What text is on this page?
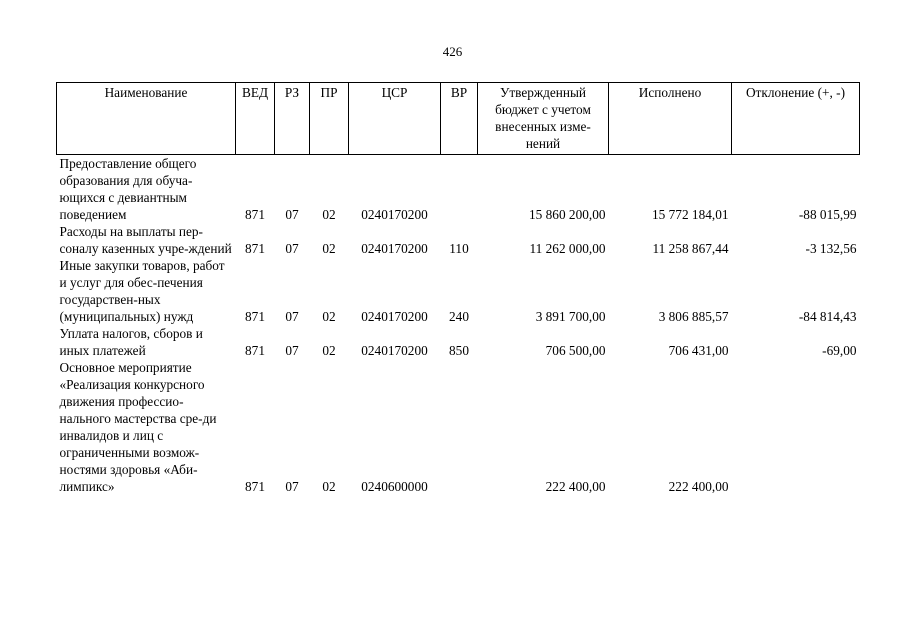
426
Наименование	ВЕД	РЗ	ПР	ЦСР	ВР	Утвержденный бюджет с учетом внесенных изме-нений	Исполнено	Отклонение (+, -)
Предоставление общего образования для обуча-ющихся с девиантным поведением	871	07	02	0240170200		15 860 200,00	15 772 184,01	-88 015,99
Расходы на выплаты пер-соналу казенных учре-ждений	871	07	02	0240170200	110	11 262 000,00	11 258 867,44	-3 132,56
Иные закупки товаров, работ и услуг для обес-печения государствен-ных (муниципальных) нужд	871	07	02	0240170200	240	3 891 700,00	3 806 885,57	-84 814,43
Уплата налогов, сборов и иных платежей	871	07	02	0240170200	850	706 500,00	706 431,00	-69,00
Основное мероприятие «Реализация конкурсного движения профессио-нального мастерства сре-ди инвалидов и лиц с ограниченными возмож-ностями здоровья «Аби-лимпикс»	871	07	02	0240600000		222 400,00	222 400,00	
